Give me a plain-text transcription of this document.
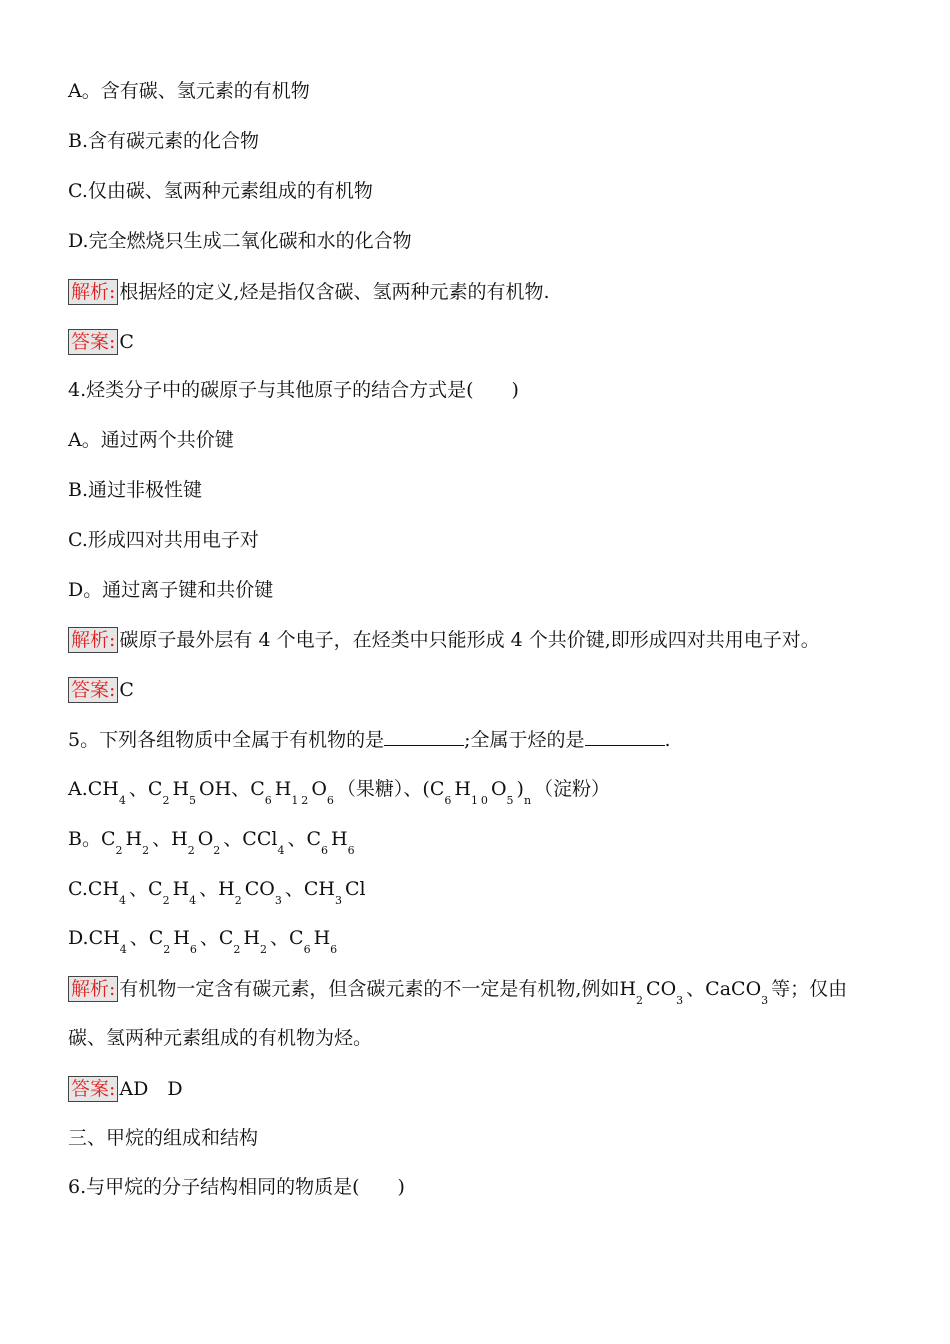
A。含有碳、氢元素的有机物
B.含有碳元素的化合物
C.仅由碳、氢两种元素组成的有机物
D.完全燃烧只生成二氧化碳和水的化合物
解析: 根据烃的定义,烃是指仅含碳、氢两种元素的有机物.
答案: C
4.烃类分子中的碳原子与其他原子的结合方式是(　　)
A。通过两个共价键
B.通过非极性键
C.形成四对共用电子对
D。通过离子键和共价键
解析: 碳原子最外层有 4 个电子，在烃类中只能形成 4 个共价键,即形成四对共用电子对。
答案: C
5。下列各组物质中全属于有机物的是	;全属于烃的是	.
$A.CH_4$、$C_2H_5OH$、$C_6H_{12}O_6$（果糖）、$(C_6H_{10}O_5)_n$（淀粉）
B。$C_2H_2$、$H_2O_2$、CCl$_4$、$C_6H_6$
$C.CH_4$、$C_2H_4$、$H_2CO_3$、$CH_3Cl$
$D.CH_4$、$C_2H_6$、$C_2H_2$、$C_6H_6$
解析: 有机物一定含有碳元素，但含碳元素的不一定是有机物,例如$H_2CO_3$、CaCO$_3$等；仅由
碳、氢两种元素组成的有机物为烃。
答案: AD　D
三、甲烷的组成和结构
6.与甲烷的分子结构相同的物质是(　　)
